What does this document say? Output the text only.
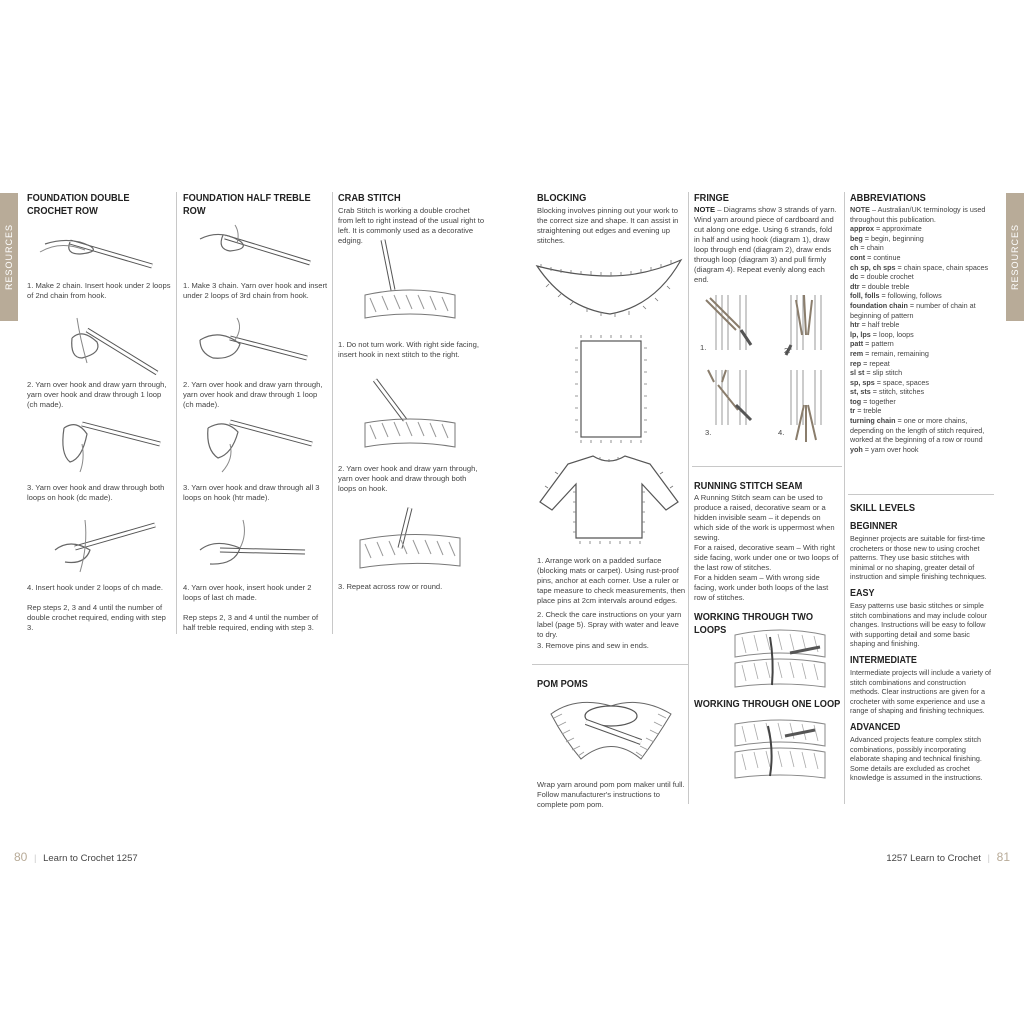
RESOURCES	RESOURCES
FOUNDATION DOUBLE CROCHET ROW
1. Make 2 chain. Insert hook under 2 loops of 2nd chain from hook.
2. Yarn over hook and draw yarn through, yarn over hook and draw through 1 loop (ch made).
3. Yarn over hook and draw through both loops on hook (dc made).
4. Insert hook under 2 loops of ch made.
Rep steps 2, 3 and 4 until the number of double crochet required, ending with step 3.
FOUNDATION HALF TREBLE ROW
1. Make 3 chain. Yarn over hook and insert under 2 loops of 3rd chain from hook.
2. Yarn over hook and draw yarn through, yarn over hook and draw through 1 loop (ch made).
3. Yarn over hook and draw through all 3 loops on hook (htr made).
4. Yarn over hook, insert hook under 2 loops of last ch made.
Rep steps 2, 3 and 4 until the number of half treble required, ending with step 3.
CRAB STITCH
Crab Stitch is working a double crochet from left to right instead of the usual right to left. It is commonly used as a decorative edging.
1. Do not turn work. With right side facing, insert hook in next stitch to the right.
2. Yarn over hook and draw yarn through, yarn over hook and draw through both loops on hook.
3. Repeat across row or round.
BLOCKING
Blocking involves pinning out your work to the correct size and shape. It can assist in straightening out edges and evening up stitches.
1. Arrange work on a padded surface (blocking mats or carpet). Using rust-proof pins, anchor at each corner. Use a ruler or tape measure to check measurements, then place pins at 2cm intervals around edges.
2. Check the care instructions on your yarn label (page 5). Spray with water and leave to dry.
3. Remove pins and sew in ends.
POM POMS
Wrap yarn around pom pom maker until full. Follow manufacturer's instructions to complete pom pom.
FRINGE
NOTE – Diagrams show 3 strands of yarn. Wind yarn around piece of cardboard and cut along one edge. Using 6 strands, fold in half and using hook (diagram 1), draw loop through end (diagram 2), draw ends through loop (diagram 3) and pull firmly (diagram 4). Repeat evenly along each end.
1.	2.
3.	4.
RUNNING STITCH SEAM
A Running Stitch seam can be used to produce a raised, decorative seam or a hidden invisible seam – it depends on which side of the work is uppermost when sewing.
For a raised, decorative seam – With right side facing, work under one or two loops of the last row of stitches.
For a hidden seam – With wrong side facing, work under both loops of the last row of stitches.
WORKING THROUGH TWO LOOPS
WORKING THROUGH ONE LOOP
ABBREVIATIONS
NOTE – Australian/UK terminology is used throughout this publication.
approx = approximate
beg = begin, beginning
ch = chain
cont = continue
ch sp, ch sps = chain space, chain spaces
dc = double crochet
dtr = double treble
foll, folls = following, follows
foundation chain = number of chain at beginning of pattern
htr = half treble
lp, lps = loop, loops
patt = pattern
rem = remain, remaining
rep = repeat
sl st = slip stitch
sp, sps = space, spaces
st, sts = stitch, stitches
tog = together
tr = treble
turning chain = one or more chains, depending on the length of stitch required, worked at the beginning of a row or round
yoh = yarn over hook
SKILL LEVELS
BEGINNER
Beginner projects are suitable for first-time crocheters or those new to using crochet patterns. They use basic stitches with minimal or no shaping, greater detail of instruction and simple finishing techniques.
EASY
Easy patterns use basic stitches or simple stitch combinations and may include colour changes. Instructions will be easy to follow with supporting detail and some basic shaping and finishing.
INTERMEDIATE
Intermediate projects will include a variety of stitch combinations and construction methods. Clear instructions are given for a crocheter with some experience and use a range of shaping and finishing techniques.
ADVANCED
Advanced projects feature complex stitch combinations, possibly incorporating elaborate shaping and technical finishing. Some details are excluded as crochet knowledge is assumed in the instructions.
80 | Learn to Crochet 1257	1257 Learn to Crochet | 81
